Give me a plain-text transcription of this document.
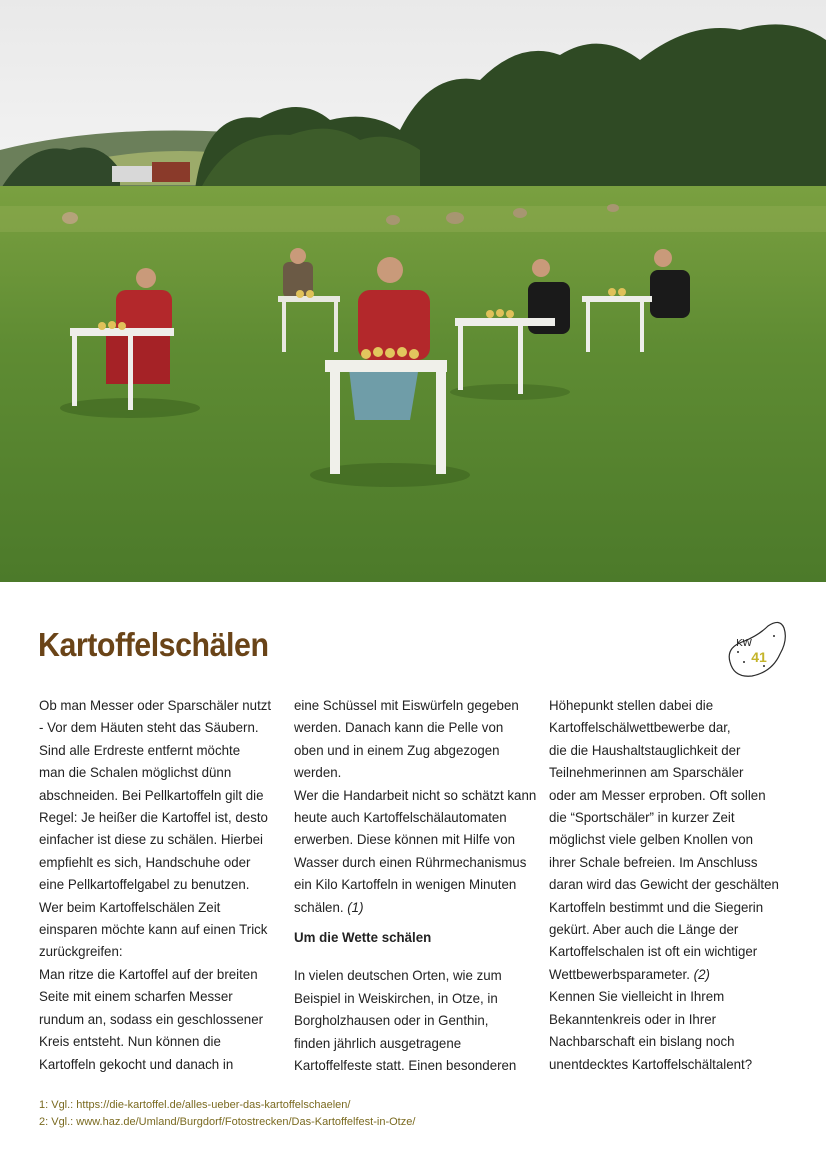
Kartoffelschälen	KW
41

Ob man Messer oder Sparschäler nutzt

- Vor dem Häuten steht das Säubern.

Sind alle Erdreste entfernt möchte

man die Schalen möglichst dünn

abschneiden. Bei Pellkartoffeln gilt die

Regel: Je heißer die Kartoffel ist, desto

einfacher ist diese zu schälen. Hierbei

empfiehlt es sich, Handschuhe oder

eine Pellkartoffelgabel zu benutzen.

Wer beim Kartoffelschälen Zeit

einsparen möchte kann auf einen Trick

zurückgreifen:

Man ritze die Kartoffel auf der breiten

Seite mit einem scharfen Messer

rundum an, sodass ein geschlossener

Kreis entsteht. Nun können die

Kartoffeln gekocht und danach in

eine Schüssel mit Eiswürfeln gegeben

werden. Danach kann die Pelle von

oben und in einem Zug abgezogen

werden.

Wer die Handarbeit nicht so schätzt kann

heute auch Kartoffelschälautomaten

erwerben. Diese können mit Hilfe von

Wasser durch einen Rührmechanismus

ein Kilo Kartoffeln in wenigen Minuten

schälen. (1)

Um die Wette schälen

In vielen deutschen Orten, wie zum

Beispiel in Weiskirchen, in Otze, in

Borgholzhausen oder in Genthin,

finden jährlich ausgetragene

Kartoffelfeste statt. Einen besonderen

Höhepunkt stellen dabei die

Kartoffelschälwettbewerbe dar,

die die Haushaltstauglichkeit der

Teilnehmerinnen am Sparschäler

oder am Messer erproben. Oft sollen

die “Sportschäler” in kurzer Zeit

möglichst viele gelben Knollen von

ihrer Schale befreien. Im Anschluss

daran wird das Gewicht der geschälten

Kartoffeln bestimmt und die Siegerin

gekürt. Aber auch die Länge der

Kartoffelschalen ist oft ein wichtiger

Wettbewerbsparameter. (2)

Kennen Sie vielleicht in Ihrem

Bekanntenkreis oder in Ihrer

Nachbarschaft ein bislang noch

unentdecktes Kartoffelschältalent?

1: Vgl.: https://die-kartoffel.de/alles-ueber-das-kartoffelschaelen/
2: Vgl.: www.haz.de/Umland/Burgdorf/Fotostrecken/Das-Kartoffelfest-in-Otze/
